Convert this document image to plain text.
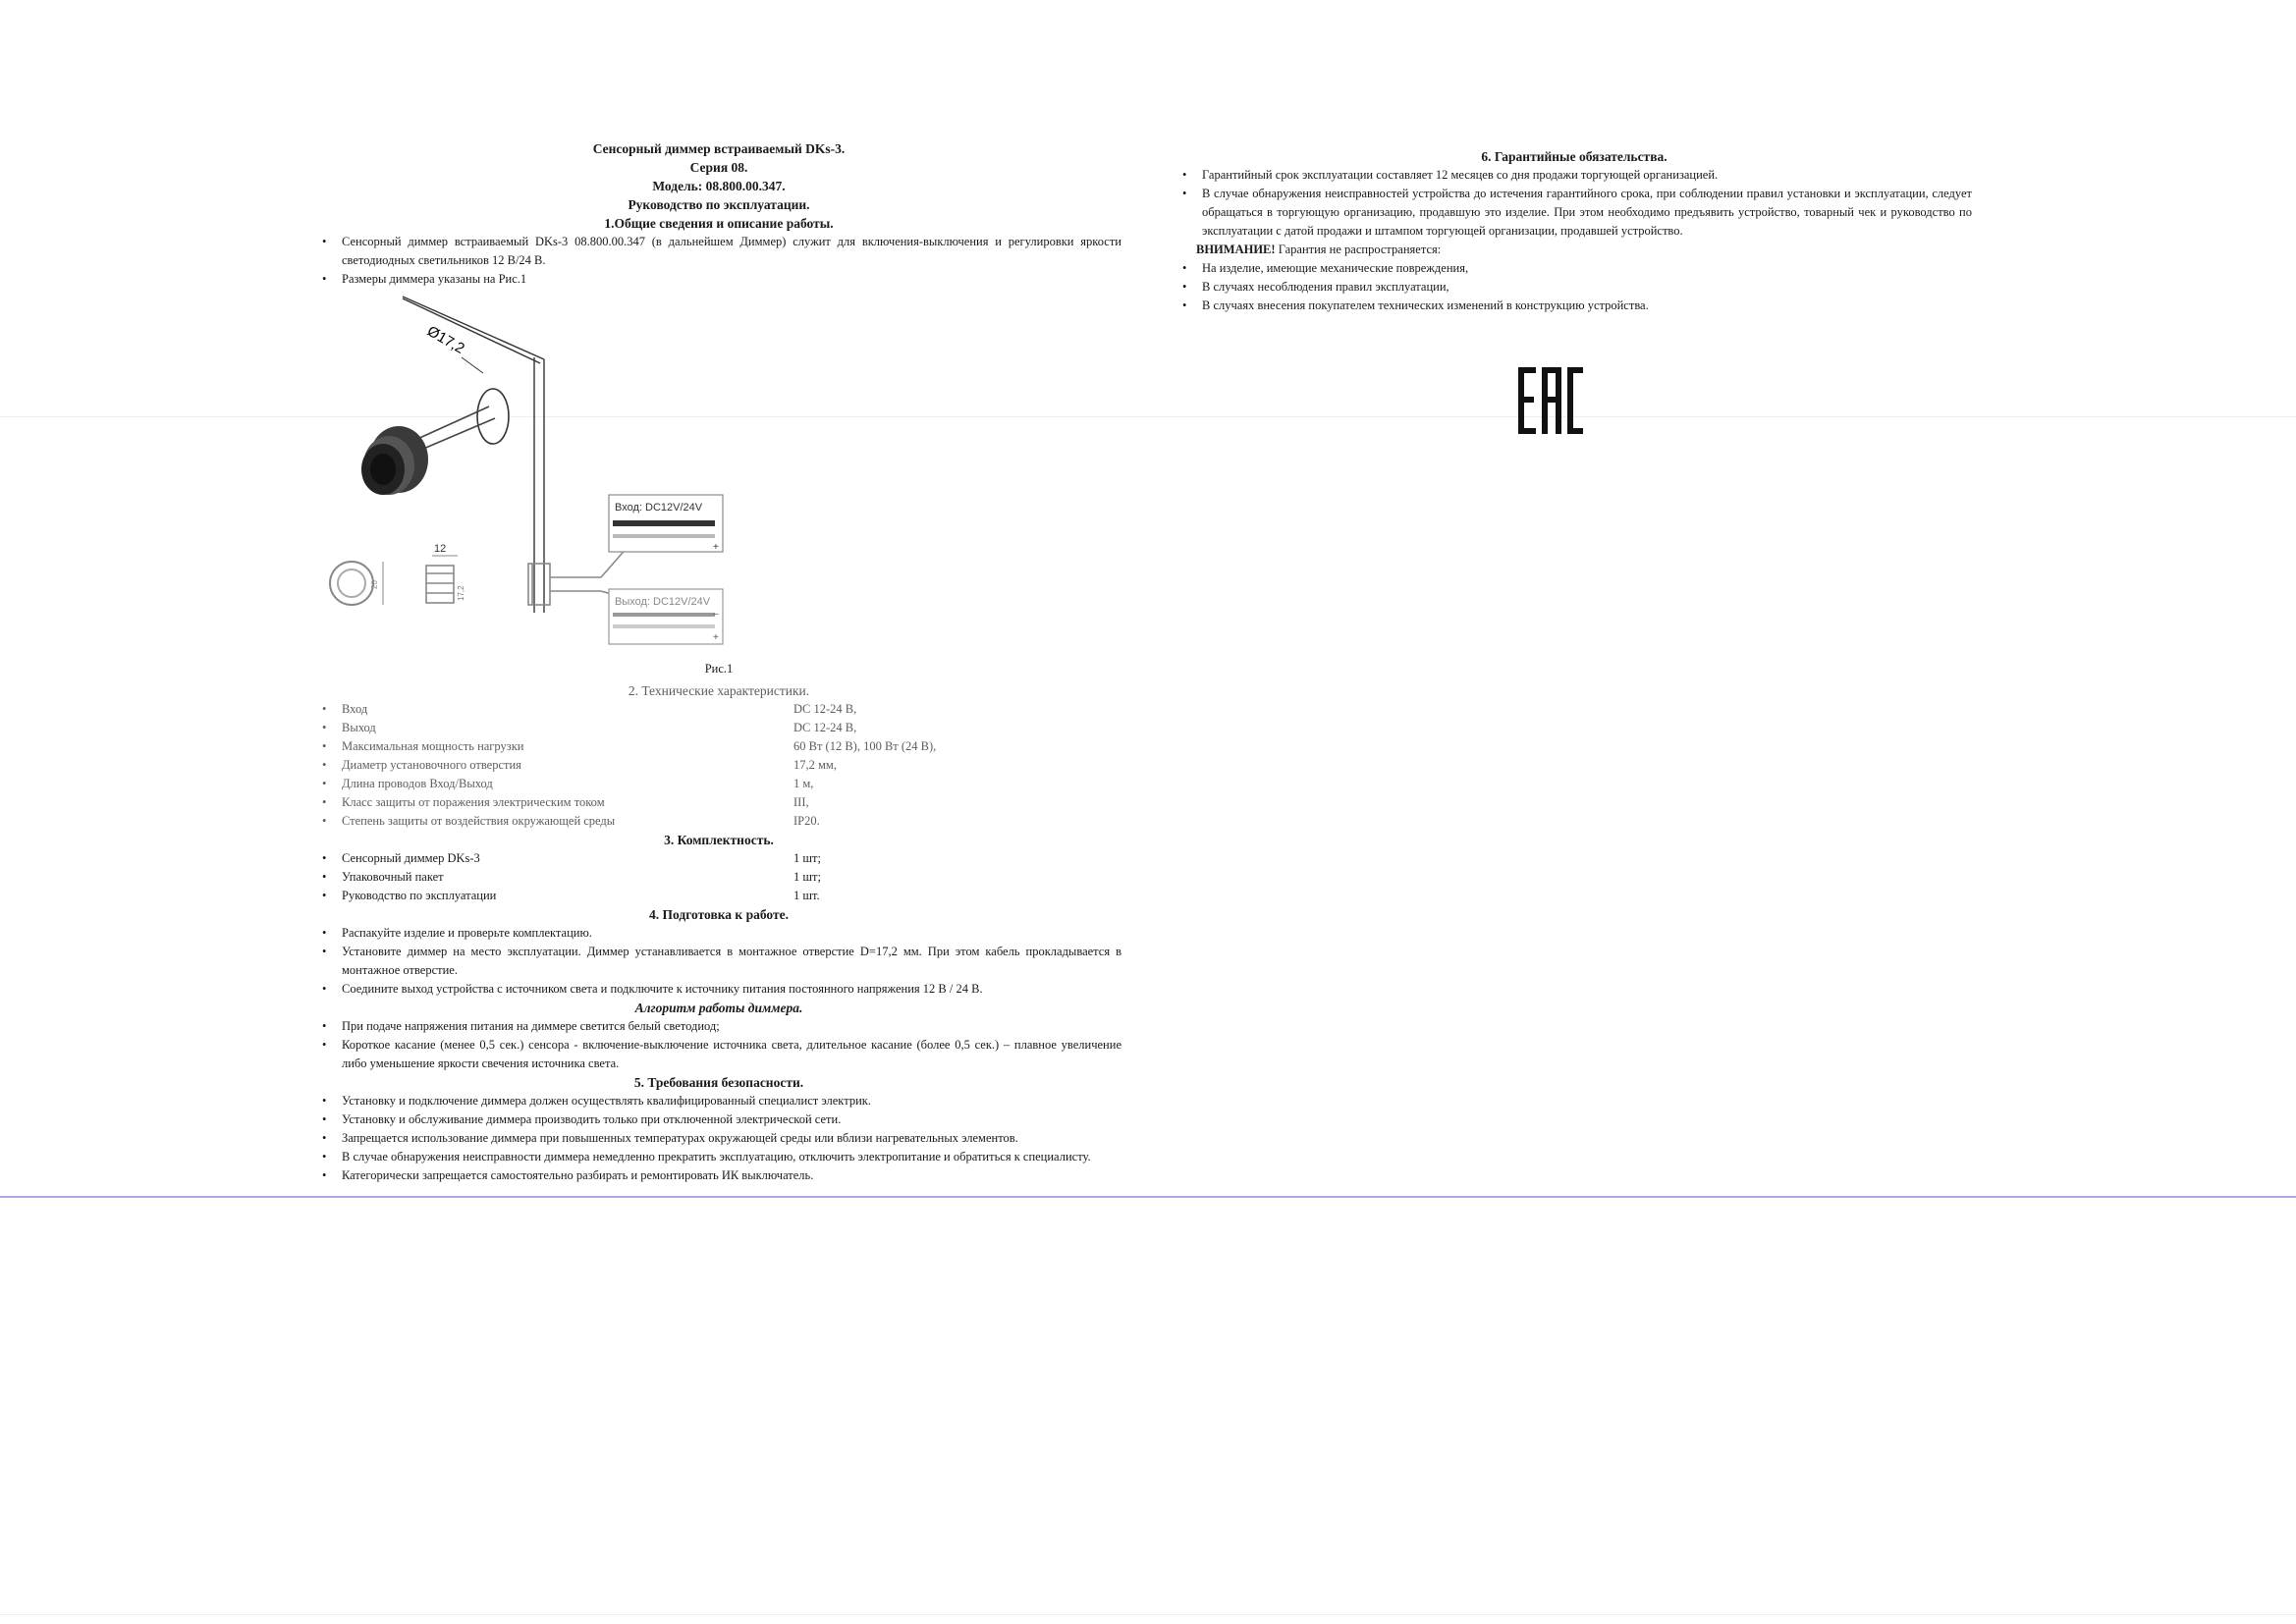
Сенсорный диммер встраиваемый DKs-3.
Серия 08.
Модель: 08.800.00.347.
Руководство по эксплуатации.
1.Общие сведения и описание работы.
• Сенсорный диммер встраиваемый DKs-3 08.800.00.347 (в дальнейшем Диммер) служит для включения-выключения и регулировки яркости светодиодных светильников 12 В/24 В.
• Размеры диммера указаны на Рис.1
Ø17,2
20
12
17,2
Вход: DC12V/24V
+
Выход: DC12V/24V
–
+
Рис.1
2. Технические характеристики.
• Вход	DC 12-24 В,
• Выход	DC 12-24 В,
• Максимальная мощность нагрузки	60 Вт (12 В), 100 Вт (24 В),
• Диаметр установочного отверстия	17,2 мм,
• Длина проводов Вход/Выход	1 м,
• Класс защиты от поражения электрическим током	III,
• Степень защиты от воздействия окружающей среды	IP20.
3. Комплектность.
• Сенсорный диммер DKs-3	1 шт;
• Упаковочный пакет	1 шт;
• Руководство по эксплуатации	1 шт.
4. Подготовка к работе.
• Распакуйте изделие и проверьте комплектацию.
• Установите диммер на место эксплуатации. Диммер устанавливается в монтажное отверстие D=17,2 мм. При этом кабель прокладывается в монтажное отверстие.
• Соедините выход устройства с источником света и подключите к источнику питания постоянного напряжения 12 В / 24 В.
Алгоритм работы диммера.
• При подаче напряжения питания на диммере светится белый светодиод;
• Короткое касание (менее 0,5 сек.) сенсора - включение-выключение источника света, длительное касание (более 0,5 сек.) – плавное увеличение либо уменьшение яркости свечения источника света.
5. Требования безопасности.
• Установку и подключение диммера должен осуществлять квалифицированный специалист электрик.
• Установку и обслуживание диммера производить только при отключенной электрической сети.
• Запрещается использование диммера при повышенных температурах окружающей среды или вблизи нагревательных элементов.
• В случае обнаружения неисправности диммера немедленно прекратить эксплуатацию, отключить электропитание и обратиться к специалисту.
• Категорически запрещается самостоятельно разбирать и ремонтировать ИК выключатель.
6. Гарантийные обязательства.
• Гарантийный срок эксплуатации составляет 12 месяцев со дня продажи торгующей организацией.
• В случае обнаружения неисправностей устройства до истечения гарантийного срока, при соблюдении правил установки и эксплуатации, следует обращаться в торгующую организацию, продавшую это изделие. При этом необходимо предъявить устройство, товарный чек и руководство по эксплуатации с датой продажи и штампом торгующей организации, продавшей устройство.
ВНИМАНИЕ! Гарантия не распространяется:
• На изделие, имеющие механические повреждения,
• В случаях несоблюдения правил эксплуатации,
• В случаях внесения покупателем технических изменений в конструкцию устройства.
